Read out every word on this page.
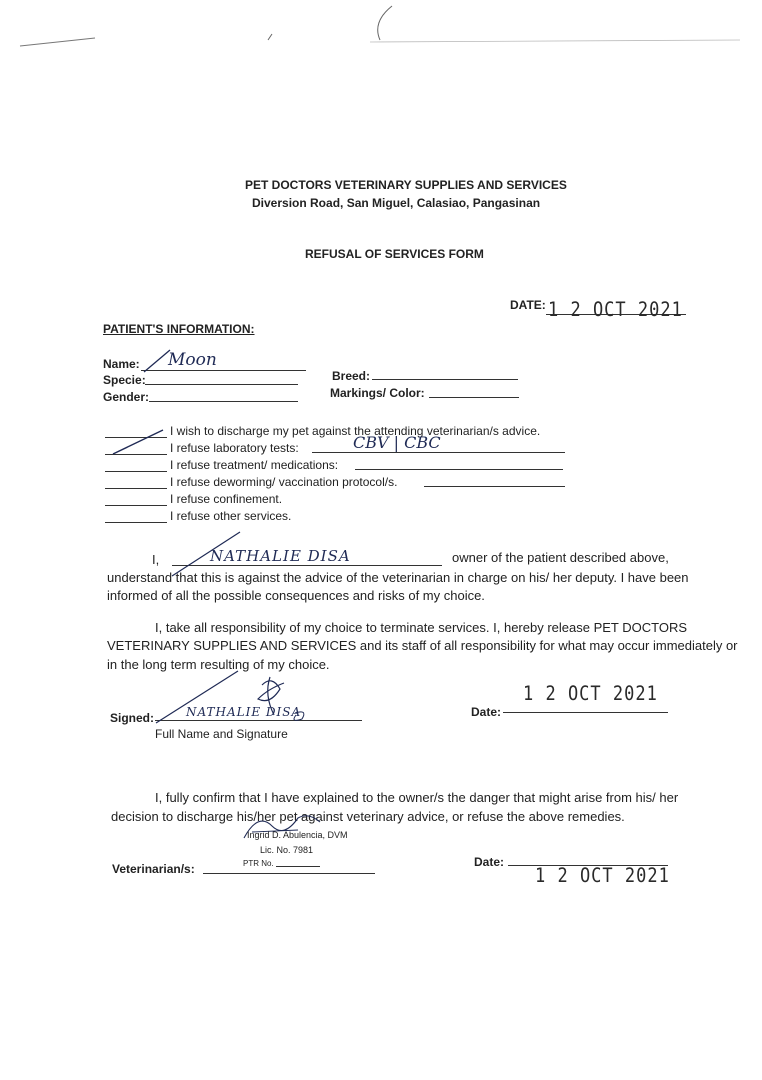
PET DOCTORS VETERINARY SUPPLIES AND SERVICES
Diversion Road, San Miguel, Calasiao, Pangasinan
REFUSAL OF SERVICES FORM
DATE: 1 2 OCT 2021
PATIENT'S INFORMATION:
Name: Moon
Specie:
Gender:
Breed:
Markings/ Color:
I wish to discharge my pet against the attending veterinarian/s advice.
I refuse laboratory tests:	CBV | CBC
I refuse treatment/ medications:
I refuse deworming/ vaccination protocol/s.
I refuse confinement.
I refuse other services.
I,	NATHALIE DISA	owner of the patient described above,
understand that this is against the advice of the veterinarian in charge on his/ her deputy. I have been
informed of all the possible consequences and risks of my choice.
I, take all responsibility of my choice to terminate services. I, hereby release PET DOCTORS
VETERINARY SUPPLIES AND SERVICES and its staff of all responsibility for what may occur immediately or
in the long term resulting of my choice.
Signed:	NATHALIE DISA
Full Name and Signature
Date:
1 2 OCT 2021
I, fully confirm that I have explained to the owner/s the danger that might arise from his/ her
decision to discharge his/her pet against veterinary advice, or refuse the above remedies.
Ingrid D. Abulencia, DVM
Lic. No. 7981
PTR No.
Veterinarian/s:	Date:
1 2 OCT 2021
